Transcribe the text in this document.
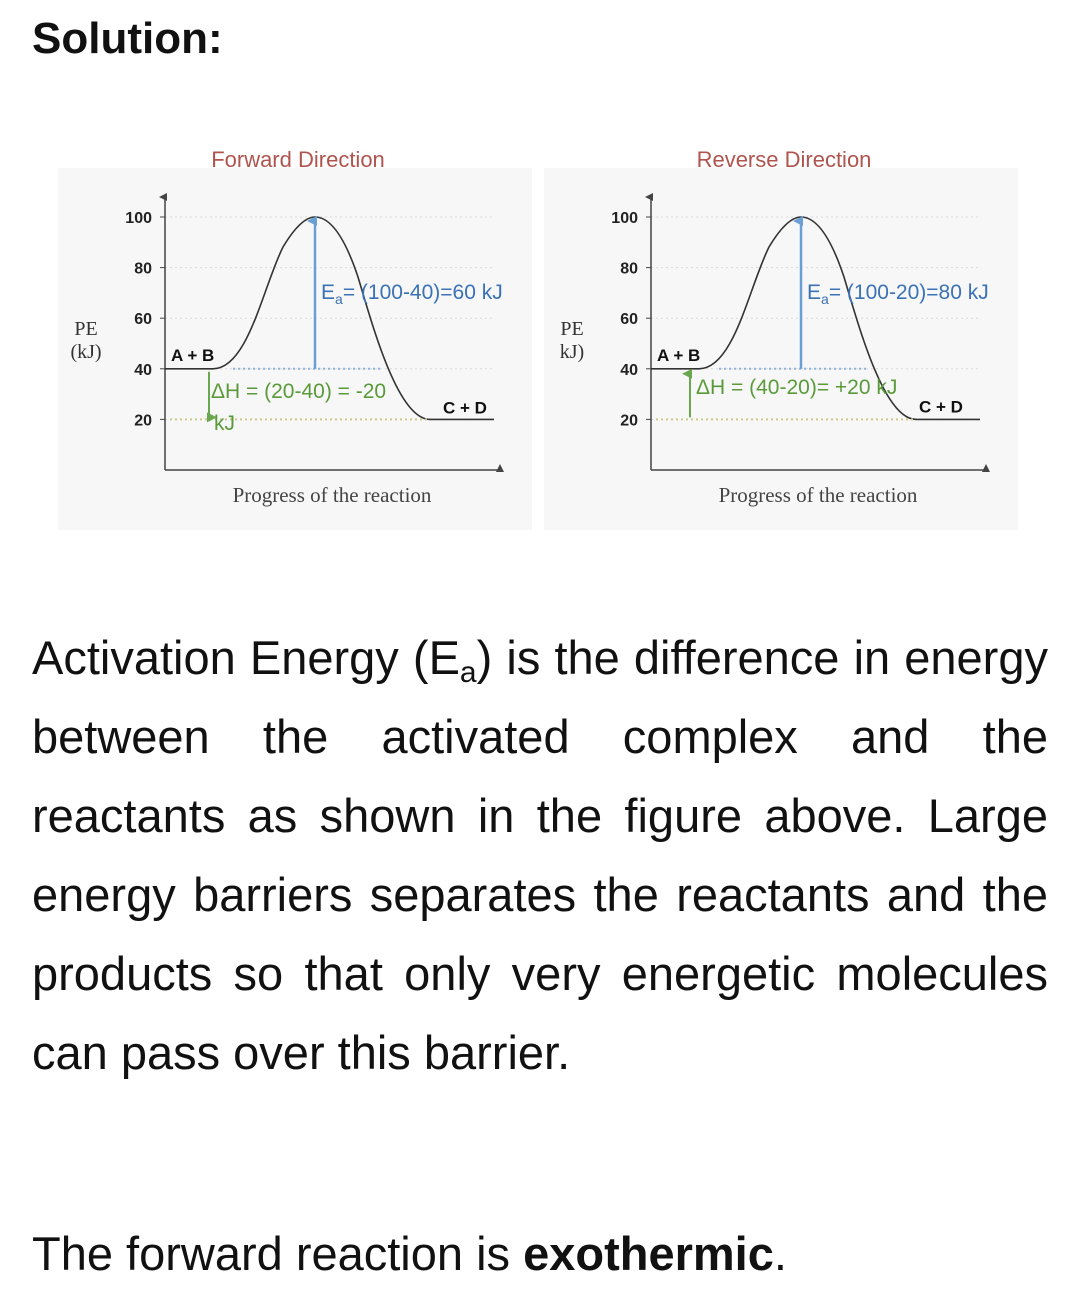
Solution:
Forward Direction
100
80
60
40
20
PE
(kJ)
Progress of the reaction
A + B
C + D
$E_a= (100-40)=60$ kJ
ΔH = (20-40) = -20
kJ
Reverse Direction
100
80
60
40
20
PE
kJ)
Progress of the reaction
A + B
C + D
$E_a= (100-20)=80$ kJ
ΔH = (40-20)= +20 kJ
Activation Energy $(E_a)$ is the difference in energy between the activated complex and the reactants as shown in the figure above. Large energy barriers separates the reactants and the products so that only very energetic molecules can pass over this barrier.
The forward reaction is exothermic.
